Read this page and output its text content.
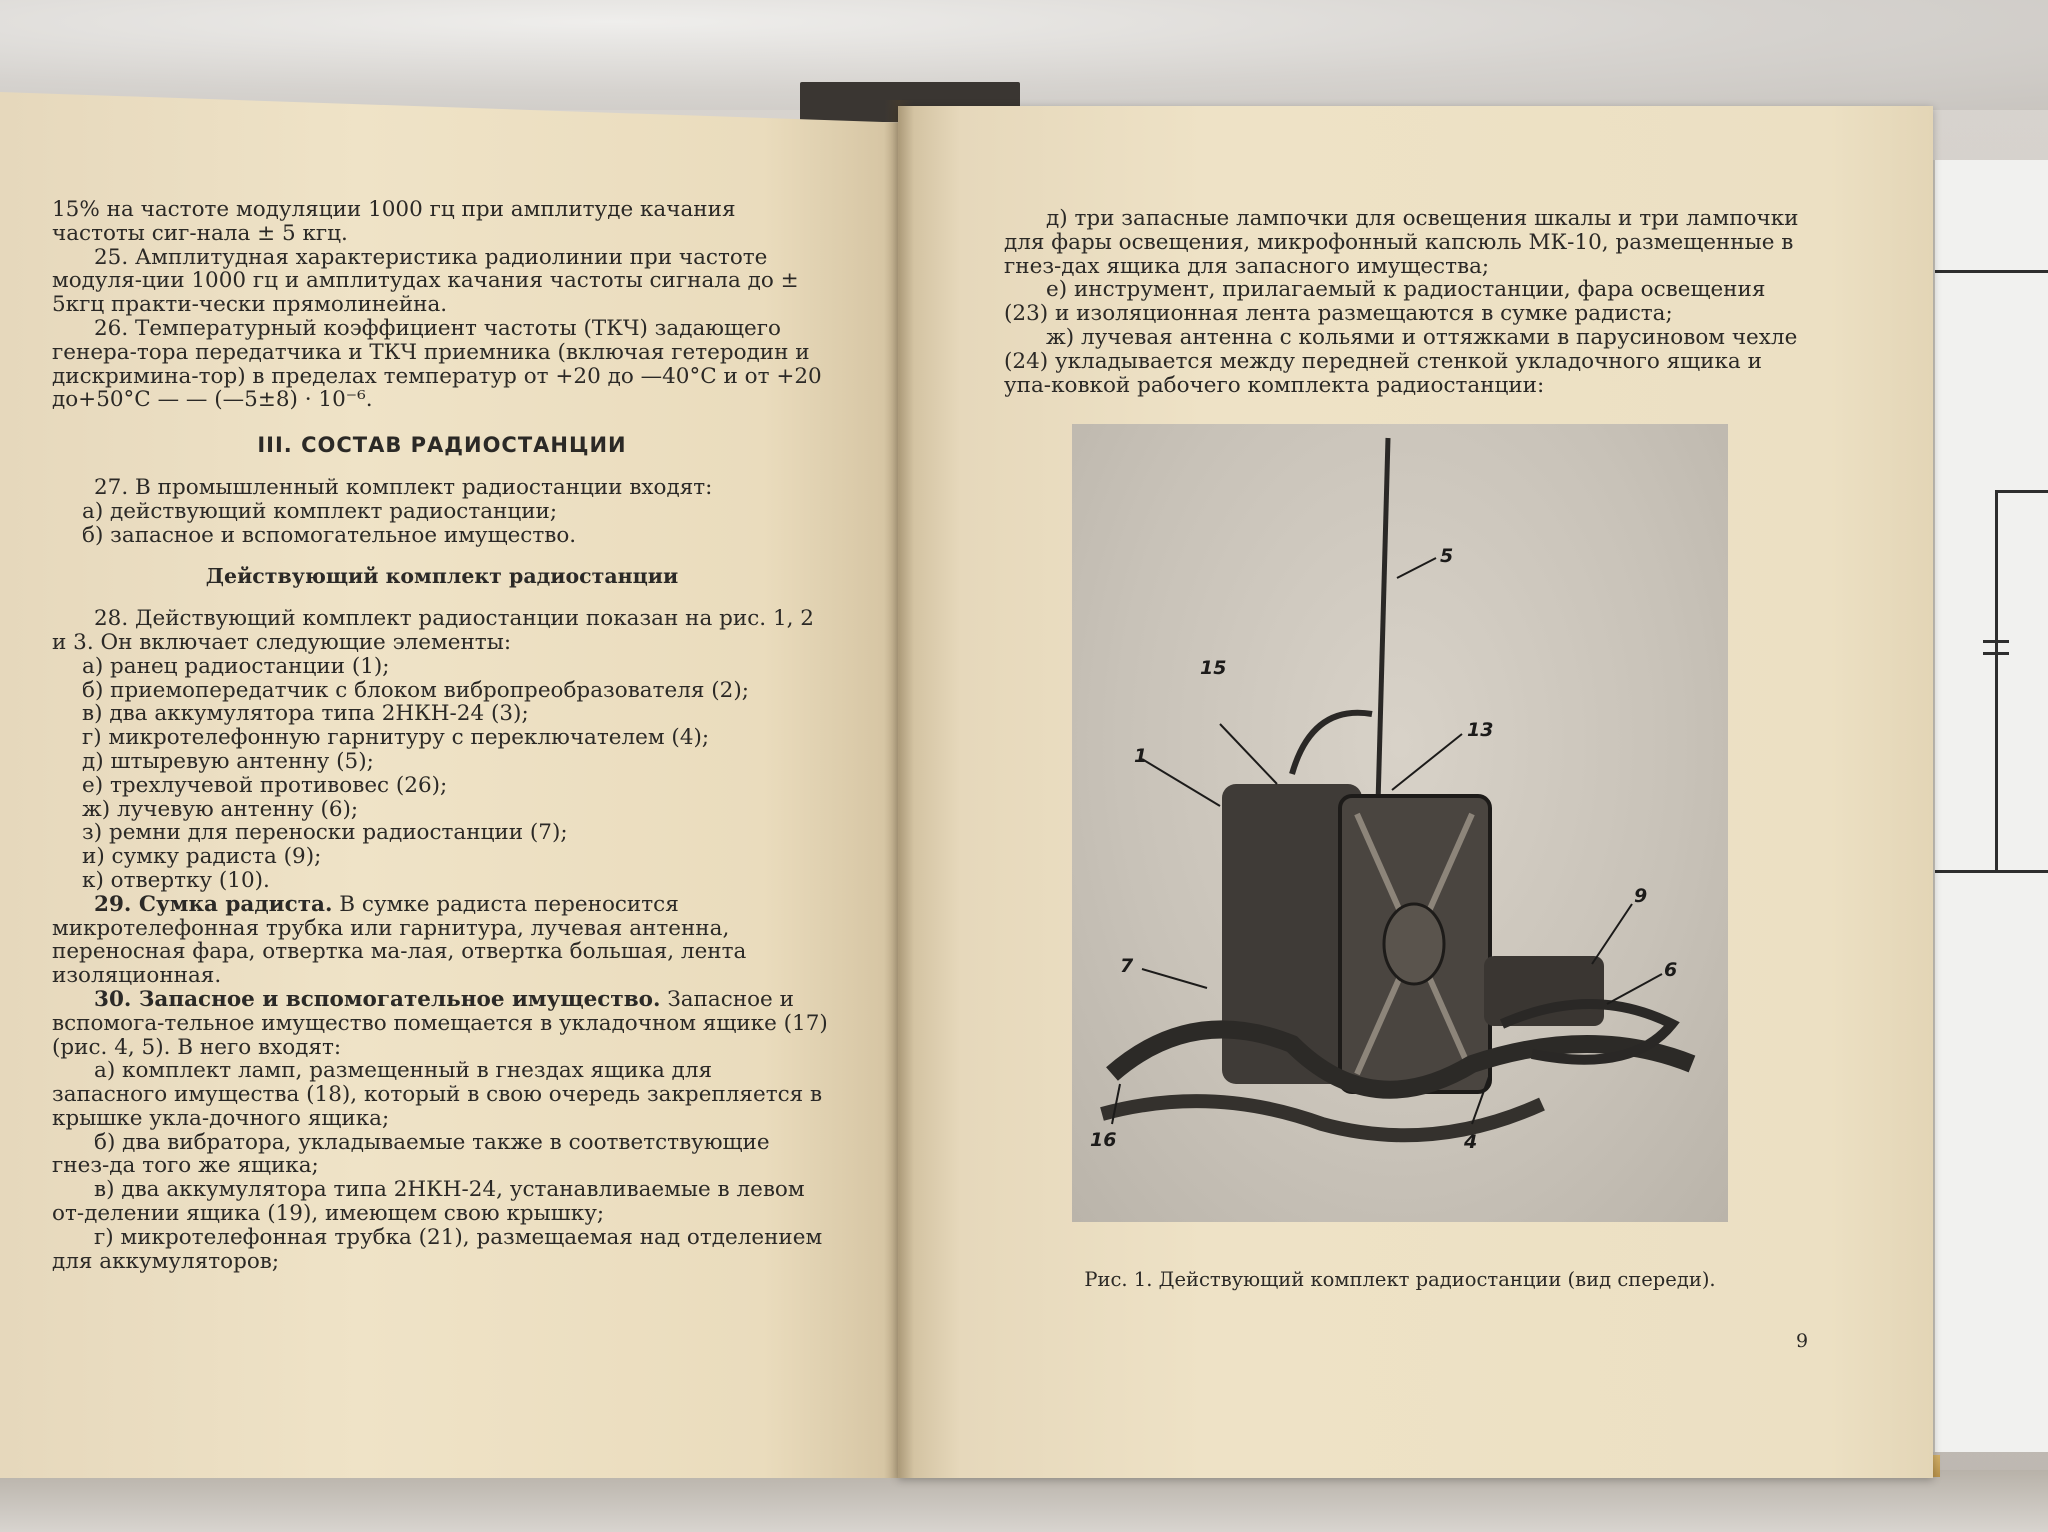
15% на частоте модуляции 1000 гц при амплитуде качания частоты сиг-нала ± 5 кгц.

25. Амплитудная характеристика радиолинии при частоте модуля-ции 1000 гц и амплитудах качания частоты сигнала до ± 5кгц практи-чески прямолинейна.

26. Температурный коэффициент частоты (ТКЧ) задающего генера-тора передатчика и ТКЧ приемника (включая гетеродин и дискримина-тор) в пределах температур от +20 до —40°С и от +20 до+50°С — — (—5±8) · 10⁻⁶.

III. СОСТАВ РАДИОСТАНЦИИ

27. В промышленный комплект радиостанции входят:

а) действующий комплект радиостанции;

б) запасное и вспомогательное имущество.

Действующий комплект радиостанции

28. Действующий комплект радиостанции показан на рис. 1, 2 и 3. Он включает следующие элементы:

а) ранец радиостанции (1);

б) приемопередатчик с блоком вибропреобразователя (2);

в) два аккумулятора типа 2НКН-24 (3);

г) микротелефонную гарнитуру с переключателем (4);

д) штыревую антенну (5);

е) трехлучевой противовес (26);

ж) лучевую антенну (6);

з) ремни для переноски радиостанции (7);

и) сумку радиста (9);

к) отвертку (10).

29. Сумка радиста. В сумке радиста переносится микротелефонная трубка или гарнитура, лучевая антенна, переносная фара, отвертка ма-лая, отвертка большая, лента изоляционная.

30. Запасное и вспомогательное имущество. Запасное и вспомога-тельное имущество помещается в укладочном ящике (17) (рис. 4, 5). В него входят:

а) комплект ламп, размещенный в гнездах ящика для запасного имущества (18), который в свою очередь закрепляется в крышке укла-дочного ящика;

б) два вибратора, укладываемые также в соответствующие гнез-да того же ящика;

в) два аккумулятора типа 2НКН-24, устанавливаемые в левом от-делении ящика (19), имеющем свою крышку;

г) микротелефонная трубка (21), размещаемая над отделением для аккумуляторов;

д) три запасные лампочки для освещения шкалы и три лампочки для фары освещения, микрофонный капсюль МК-10, размещенные в гнез-дах ящика для запасного имущества;

е) инструмент, прилагаемый к радиостанции, фара освещения (23) и изоляционная лента размещаются в сумке радиста;

ж) лучевая антенна с кольями и оттяжками в парусиновом чехле (24) укладывается между передней стенкой укладочного ящика и упа-ковкой рабочего комплекта радиостанции:

5
15
13
1
9
7	6
16	4
Рис. 1. Действующий комплект радиостанции (вид спереди).
9
